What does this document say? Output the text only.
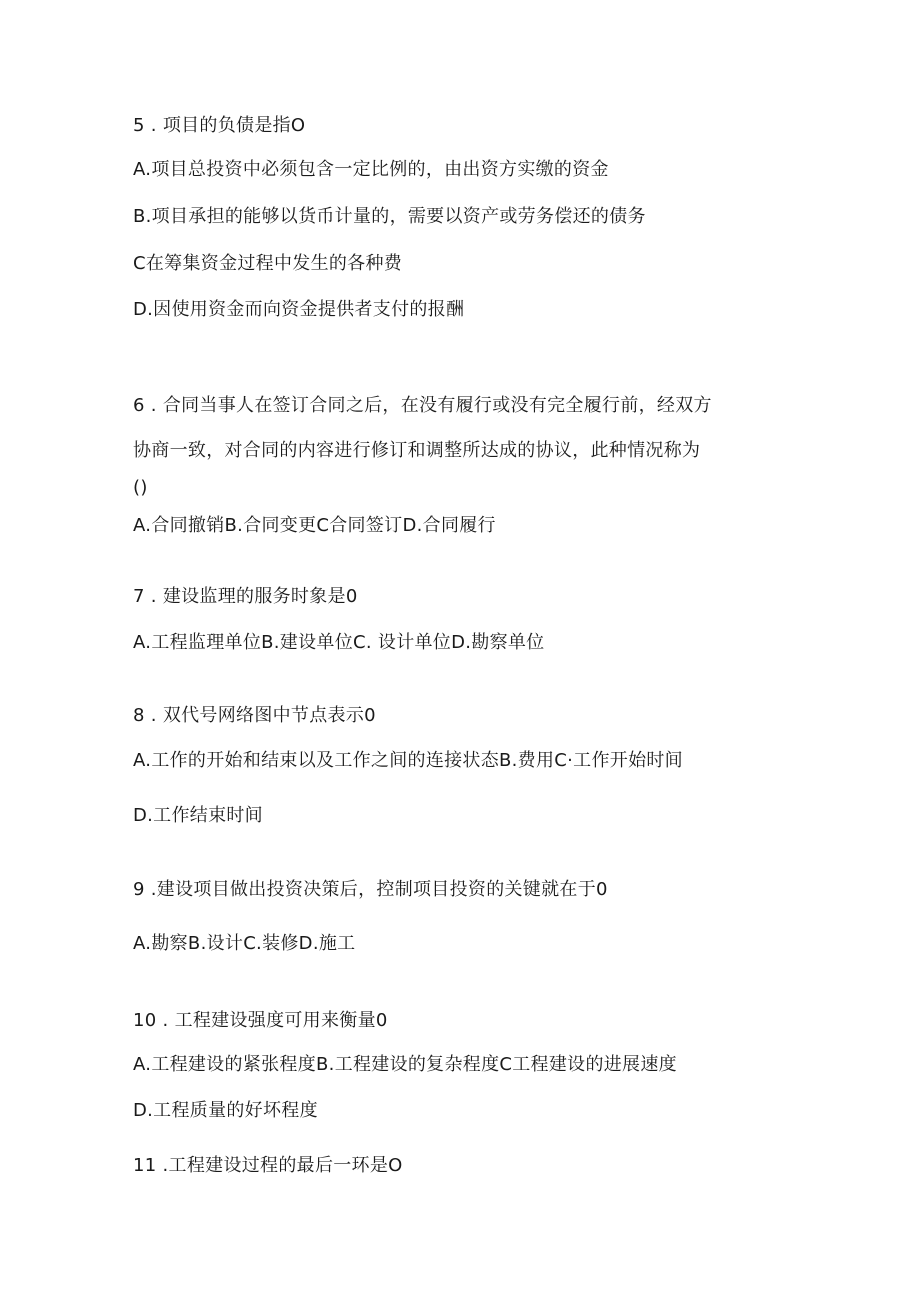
5 . 项目的负债是指O
A.项目总投资中必须包含一定比例的，由出资方实缴的资金
B.项目承担的能够以货币计量的，需要以资产或劳务偿还的债务
C在筹集资金过程中发生的各种费
D.因使用资金而向资金提供者支付的报酬
6 . 合同当事人在签订合同之后，在没有履行或没有完全履行前，经双方
协商一致，对合同的内容进行修订和调整所达成的协议，此种情况称为
()
A.合同撤销B.合同变更C合同签订D.合同履行
7 . 建设监理的服务时象是0
A.工程监理单位B.建设单位C. 设计单位D.勘察单位
8 . 双代号网络图中节点表示0
A.工作的开始和结束以及工作之间的连接状态B.费用C·工作开始时间
D.工作结束时间
9 .建设项目做出投资决策后，控制项目投资的关键就在于0
A.勘察B.设计C.装修D.施工
10 . 工程建设强度可用来衡量0
A.工程建设的紧张程度B.工程建设的复杂程度C工程建设的进展速度
D.工程质量的好坏程度
11 .工程建设过程的最后一环是O
